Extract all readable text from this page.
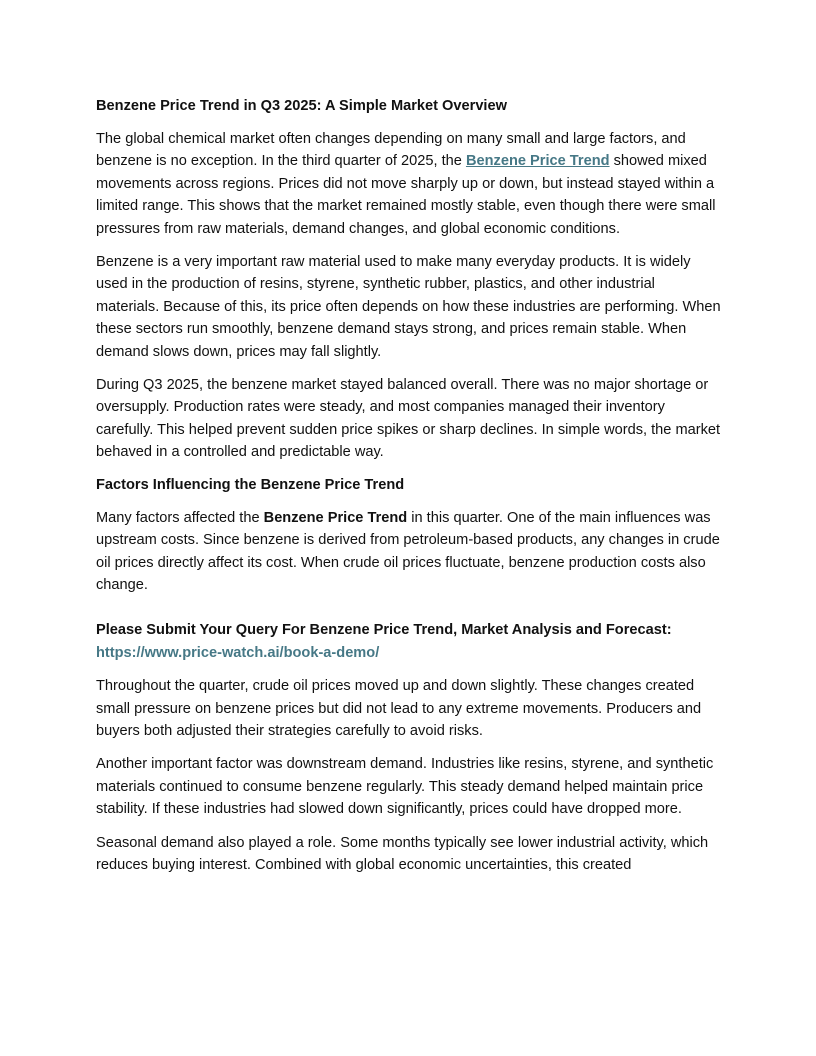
Benzene Price Trend in Q3 2025: A Simple Market Overview

The global chemical market often changes depending on many small and large factors, and benzene is no exception. In the third quarter of 2025, the Benzene Price Trend showed mixed movements across regions. Prices did not move sharply up or down, but instead stayed within a limited range. This shows that the market remained mostly stable, even though there were small pressures from raw materials, demand changes, and global economic conditions.

Benzene is a very important raw material used to make many everyday products. It is widely used in the production of resins, styrene, synthetic rubber, plastics, and other industrial materials. Because of this, its price often depends on how these industries are performing. When these sectors run smoothly, benzene demand stays strong, and prices remain stable. When demand slows down, prices may fall slightly.

During Q3 2025, the benzene market stayed balanced overall. There was no major shortage or oversupply. Production rates were steady, and most companies managed their inventory carefully. This helped prevent sudden price spikes or sharp declines. In simple words, the market behaved in a controlled and predictable way.

Factors Influencing the Benzene Price Trend

Many factors affected the Benzene Price Trend in this quarter. One of the main influences was upstream costs. Since benzene is derived from petroleum-based products, any changes in crude oil prices directly affect its cost. When crude oil prices fluctuate, benzene production costs also change.

Please Submit Your Query For Benzene Price Trend, Market Analysis and Forecast: https://www.price-watch.ai/book-a-demo/

Throughout the quarter, crude oil prices moved up and down slightly. These changes created small pressure on benzene prices but did not lead to any extreme movements. Producers and buyers both adjusted their strategies carefully to avoid risks.

Another important factor was downstream demand. Industries like resins, styrene, and synthetic materials continued to consume benzene regularly. This steady demand helped maintain price stability. If these industries had slowed down significantly, prices could have dropped more.

Seasonal demand also played a role. Some months typically see lower industrial activity, which reduces buying interest. Combined with global economic uncertainties, this created
